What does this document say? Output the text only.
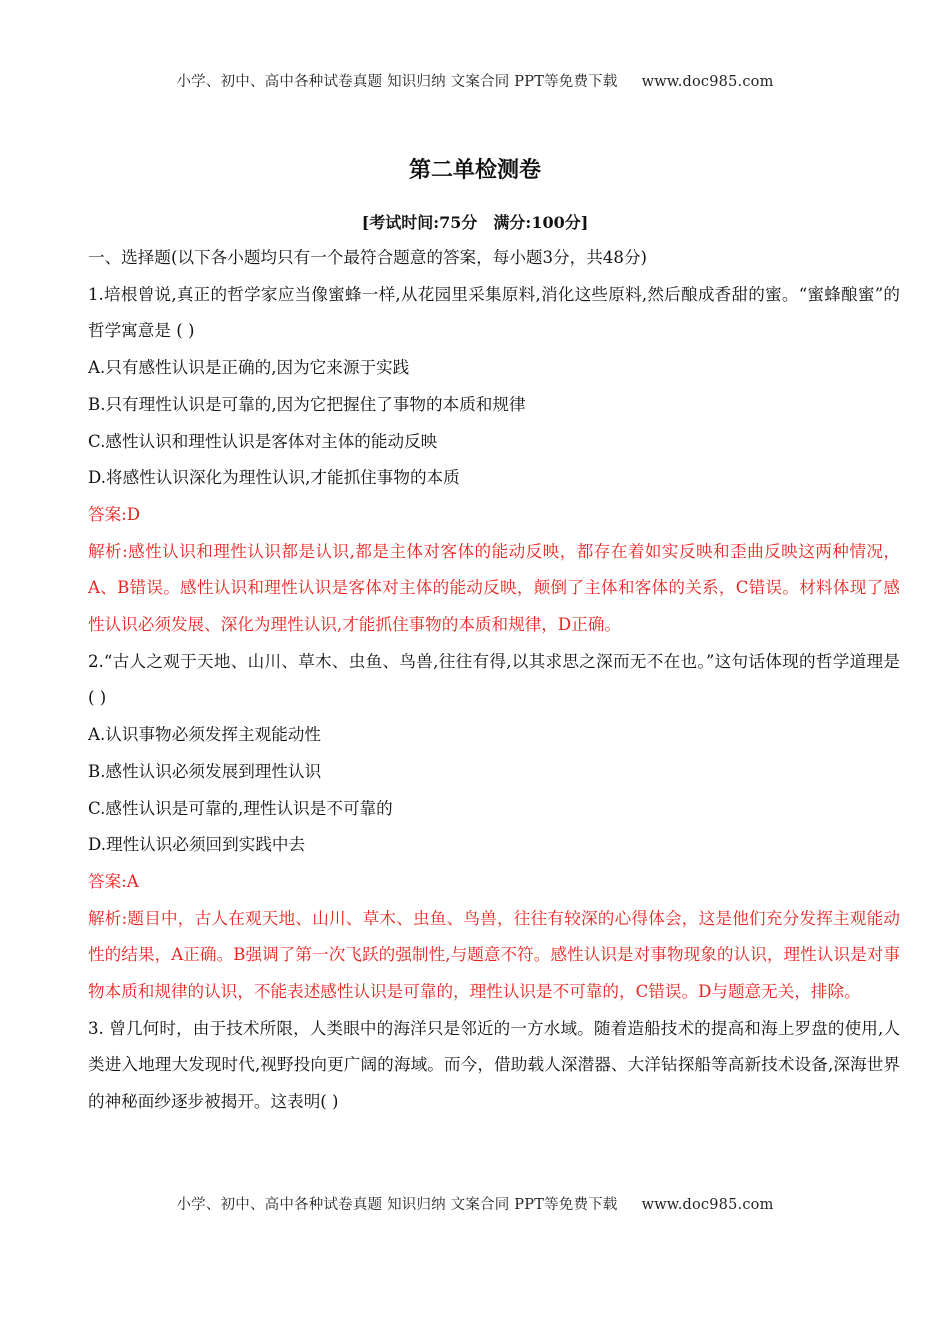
小学、初中、高中各种试卷真题 知识归纳 文案合同 PPT等免费下载 www.doc985.com
第二单检测卷
[考试时间:75分　满分:100分]

一、选择题(以下各小题均只有一个最符合题意的答案，每小题3分，共48分)

1.培根曾说,真正的哲学家应当像蜜蜂一样,从花园里采集原料,消化这些原料,然后酿成香甜的蜜。“蜜蜂酿蜜”的哲学寓意是 ( )

A.只有感性认识是正确的,因为它来源于实践

B.只有理性认识是可靠的,因为它把握住了事物的本质和规律

C.感性认识和理性认识是客体对主体的能动反映

D.将感性认识深化为理性认识,才能抓住事物的本质

答案:D

解析:感性认识和理性认识都是认识,都是主体对客体的能动反映，都存在着如实反映和歪曲反映这两种情况，A、B错误。感性认识和理性认识是客体对主体的能动反映，颠倒了主体和客体的关系，C错误。材料体现了感性认识必须发展、深化为理性认识,才能抓住事物的本质和规律，D正确。

2.“古人之观于天地、山川、草木、虫鱼、鸟兽,往往有得,以其求思之深而无不在也。”这句话体现的哲学道理是　 ( )

A.认识事物必须发挥主观能动性

B.感性认识必须发展到理性认识

C.感性认识是可靠的,理性认识是不可靠的

D.理性认识必须回到实践中去

答案:A

解析:题目中，古人在观天地、山川、草木、虫鱼、鸟兽，往往有较深的心得体会，这是他们充分发挥主观能动性的结果，A正确。B强调了第一次飞跃的强制性,与题意不符。感性认识是对事物现象的认识，理性认识是对事物本质和规律的认识，不能表述感性认识是可靠的，理性认识是不可靠的，C错误。D与题意无关，排除。

3. 曾几何时，由于技术所限，人类眼中的海洋只是邻近的一方水域。随着造船技术的提高和海上罗盘的使用,人类进入地理大发现时代,视野投向更广阔的海域。而今，借助载人深潜器、大洋钻探船等高新技术设备,深海世界的神秘面纱逐步被揭开。这表明( )

小学、初中、高中各种试卷真题 知识归纳 文案合同 PPT等免费下载 www.doc985.com
